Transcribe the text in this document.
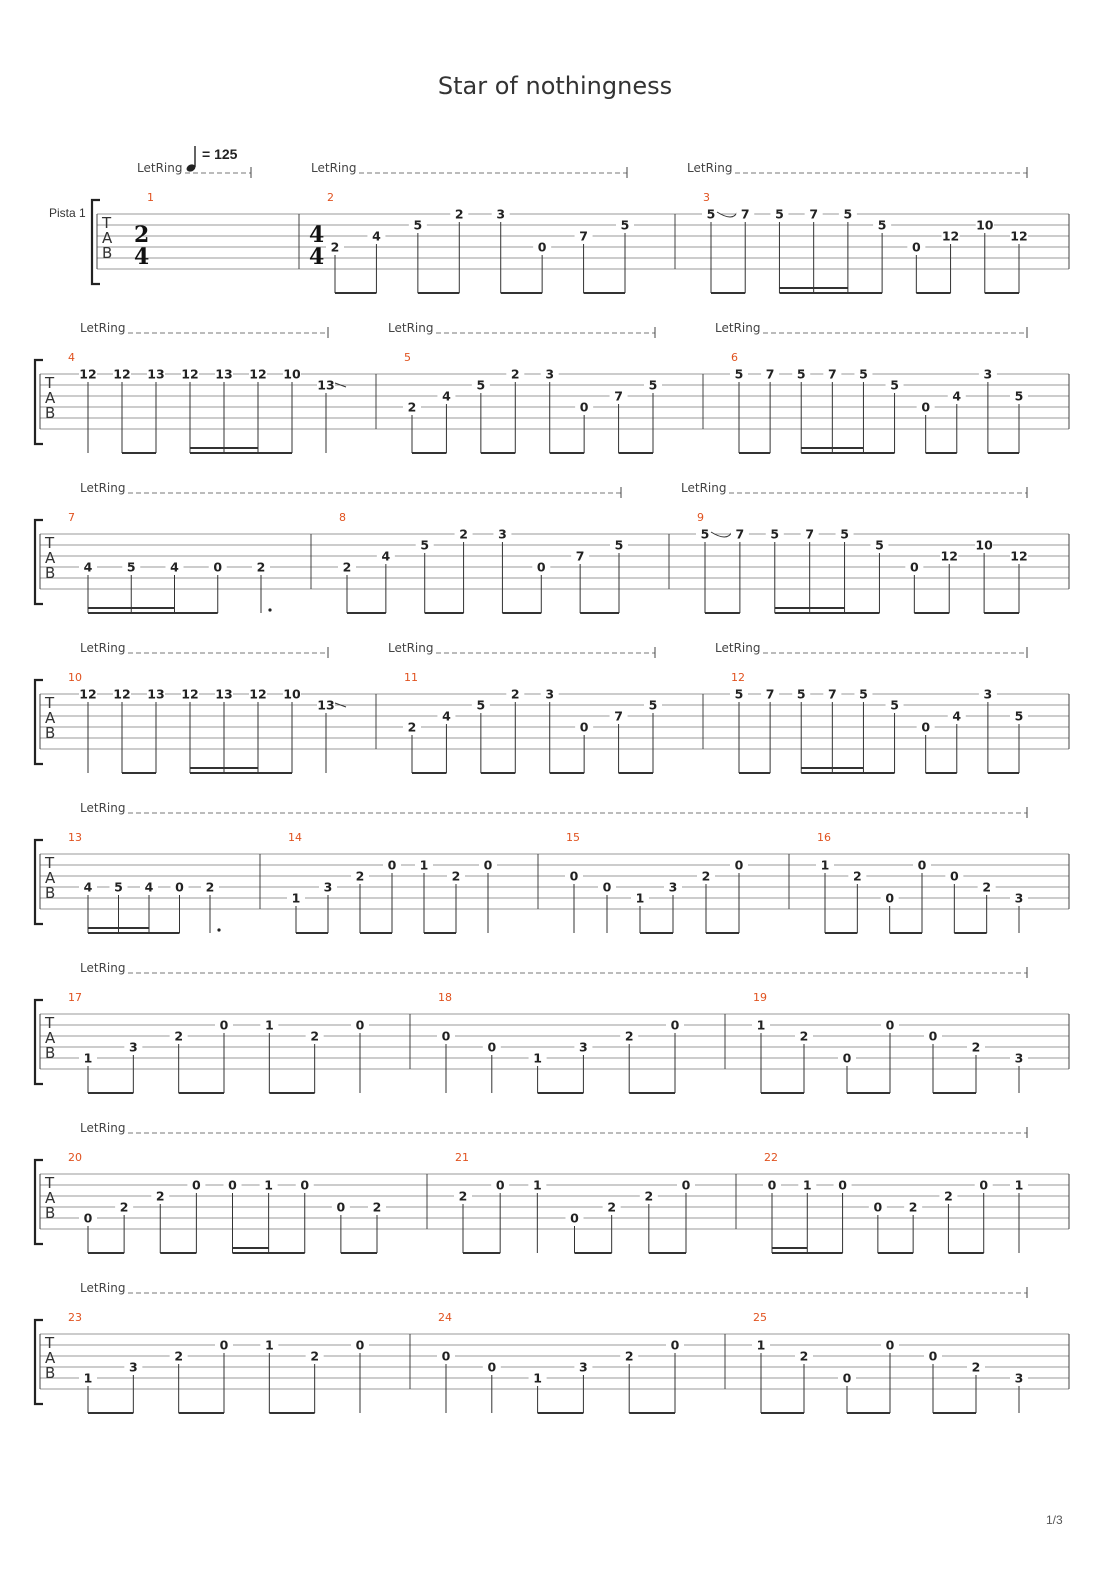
Star of nothingness
= 125
Pista 1
T
A
B
LetRing	LetRing	LetRing
1
2
4
2
4
4 2
4
5
2	3
0
7
5
3
5 7 5 7 5
5
0
12
10
12
T
A
B
LetRing	LetRing	LetRing
4
12 12 13 12 13 12 10
13
5
2
4
5
2 3
0
7
5
6
5 7 5 7 5
5
0
4
3
5
T
A
B
LetRing	LetRing
7
4	5	4	0	2
8
2
4
5
2 3
0
7
5
9
5 7 5 7 5
5
0
12
10
12
T
A
B
LetRing	LetRing	LetRing
10
12 12 13 12 13 12 10
13
11
2
4
5
2 3
0
7
5
12
5 7 5 7 5
5
0
4
3
5
T
A
B
LetRing
13
4 5 4 0 2
14
1
3
2
0 1
2
0
15
0
0
1
3
2
0
16
1
2
0
0
0
2
3
T
A
B
LetRing
17
1
3
2
0	1
2
0
18
0
0
1
3
2
0
19
1
2
0
0
0
2
3
T
A
B
LetRing
20
0
2
2
0 0 1 0
0 2
21
2
0 1
0
2
2
0
22
0 1 0
0 2
2
0 1
T
A
B
LetRing
23
1
3
2
0	1
2
0
24
0
0
1
3
2
0
25
1
2
0
0
0
2
3
1/3
